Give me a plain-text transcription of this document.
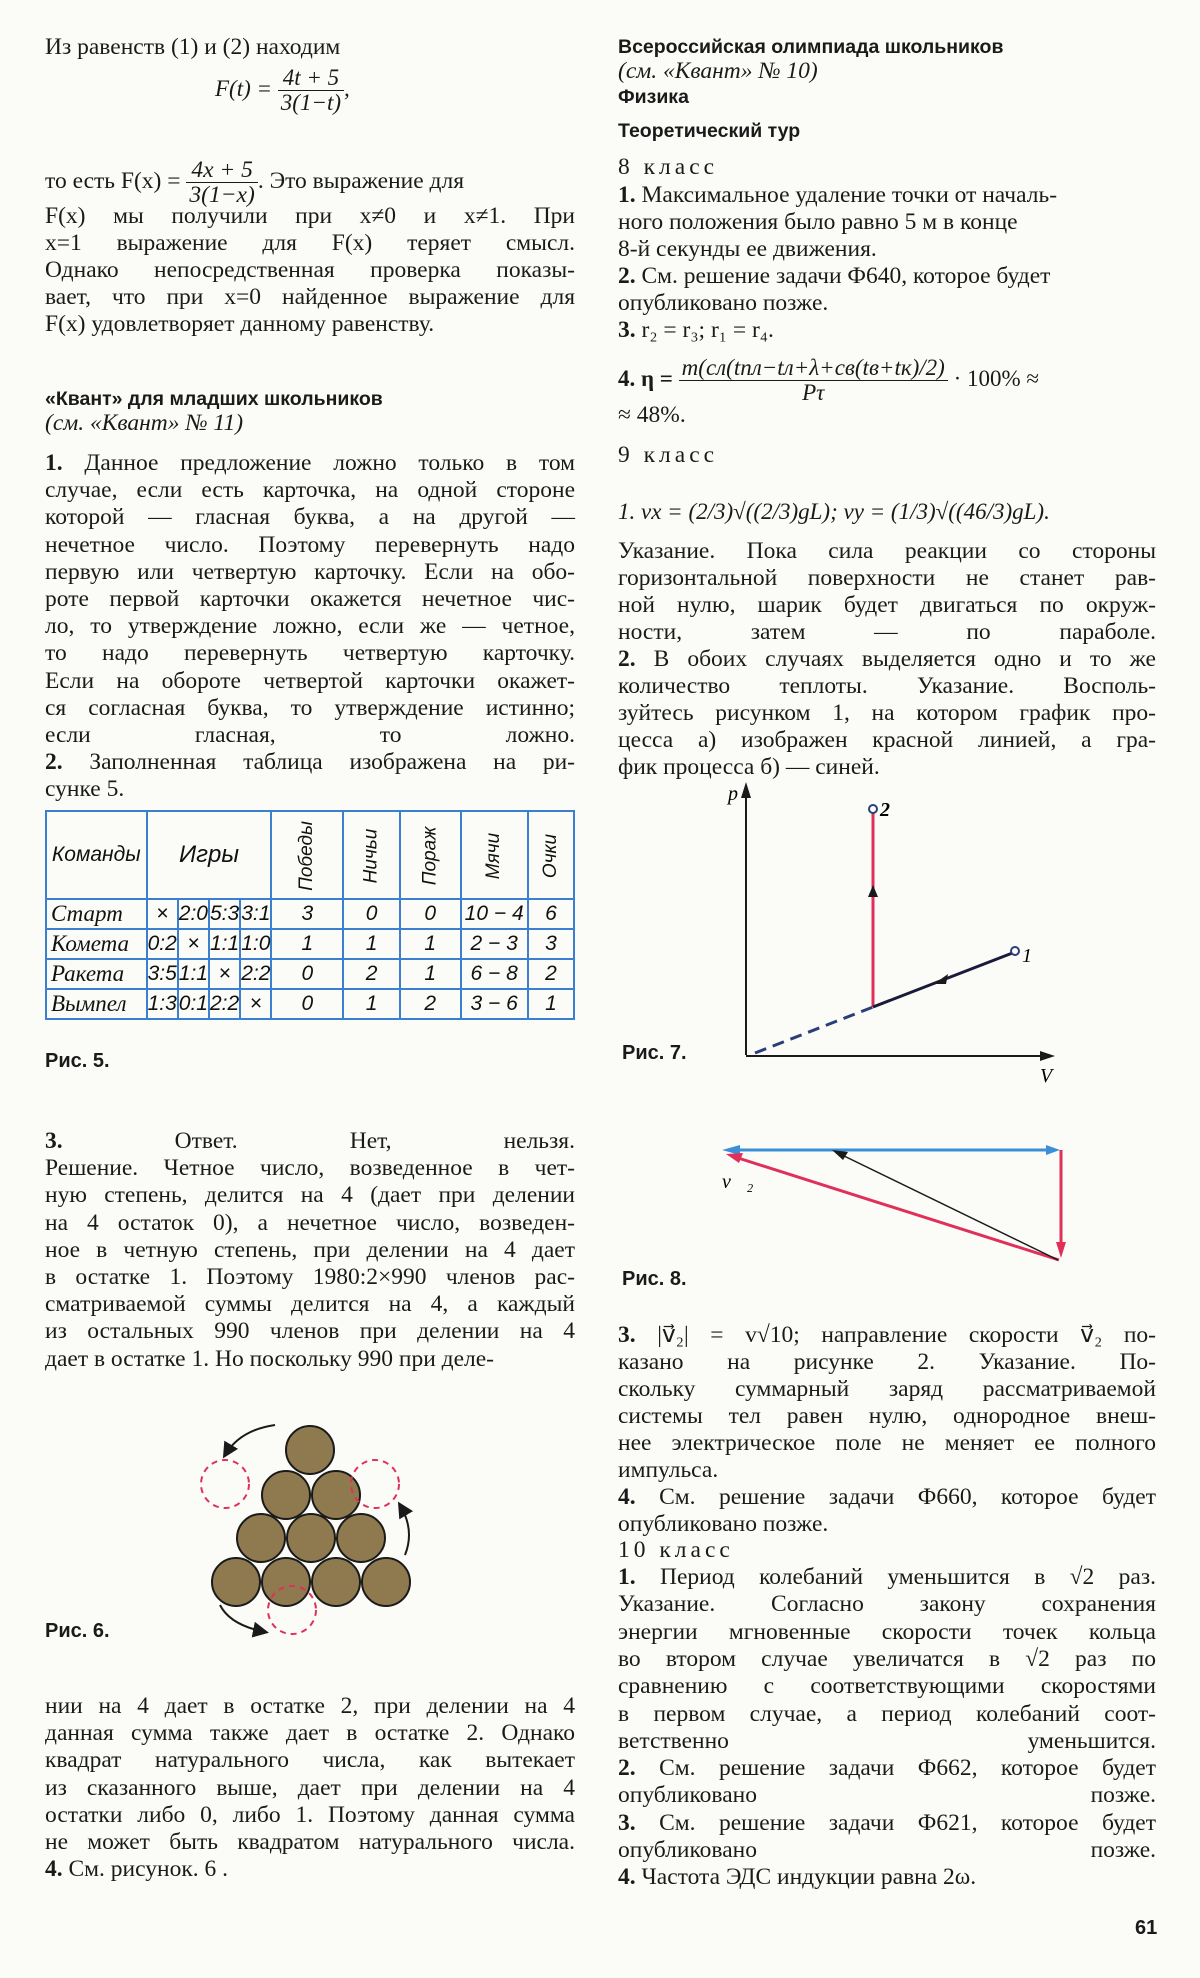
Из равенств (1) и (2) находим
$F(t) = \frac{4t + 5}{3(1-t)}$ ,
то есть $F(x) = \frac{4x + 5}{3(1-x)}$ . Это выражение для
F(x) мы получили при x≠0 и x≠1. При
x=1 выражение для F(x) теряет смысл.
Однако непосредственная проверка показы-
вает, что при x=0 найденное выражение для
F(x) удовлетворяет данному равенству.
«Квант» для младших школьников
(см. «Квант» № 11)
1. Данное предложение ложно только в том
случае, если есть карточка, на одной стороне
которой — гласная буква, а на другой —
нечетное число. Поэтому перевернуть надо
первую или четвертую карточку. Если на обо-
роте первой карточки окажется нечетное чис-
ло, то утверждение ложно, если же — четное,
то надо перевернуть четвертую карточку.
Если на обороте четвертой карточки окажет-
ся согласная буква, то утверждение истинно;
если гласная, то ложно.
2. Заполненная таблица изображена на ри-
сунке 5.
Команды	Игры				Победы	Ничьи	Пораж	Мячи	Очки
Старт	×	2:0	5:3	3:1	3	0	0	10 − 4	6
Комета	0:2	×	1:1	1:0	1	1	1	2 − 3	3
Ракета	3:5	1:1	×	2:2	0	2	1	6 − 8	2
Вымпел	1:3	0:1	2:2	×	0	1	2	3 − 6	1
Рис. 5.
3. Ответ. Нет, нельзя.
Решение. Четное число, возведенное в чет-
ную степень, делится на 4 (дает при делении
на 4 остаток 0), а нечетное число, возведен-
ное в четную степень, при делении на 4 дает
в остатке 1. Поэтому 1980:2×990 членов рас-
сматриваемой суммы делится на 4, а каждый
из остальных 990 членов при делении на 4
дает в остатке 1. Но поскольку 990 при деле-
Рис. 6.
нии на 4 дает в остатке 2, при делении на 4
данная сумма также дает в остатке 2. Однако
квадрат натурального числа, как вытекает
из сказанного выше, дает при делении на 4
остатки либо 0, либо 1. Поэтому данная сумма
не может быть квадратом натурального числа.
4. См. рисунок. 6 .
Всероссийская олимпиада школьников
(см. «Квант» № 10)
Физика
Теоретический тур
8 класс
1. Максимальное удаление точки от началь-
ного положения было равно 5 м в конце
8-й секунды ее движения.
2. См. решение задачи Ф640, которое будет
опубликовано позже.
3. r₂ = r₃; r₁ = r₄.
4. $\eta = \frac{\text{m(cл(tпл−tл+λ+cв(tв+tк)/2)}}{P\tau} \cdot 100\%$ ≈
≈ 48%.
9 класс
1. vx = (2/3)√((2/3)gL); vy = (1/3)√((46/3)gL).
Указание. Пока сила реакции со стороны
горизонтальной поверхности не станет рав-
ной нулю, шарик будет двигаться по окруж-
ности, затем — по параболе.
2. В обоих случаях выделяется одно и то же
количество теплоты. Указание. Восполь-
зуйтесь рисунком 1, на котором график про-
цесса а) изображен красной линией, а гра-
фик процесса б) — синей.
3. |v⃗₂| = v√10; направление скорости v⃗₂ по-
казано на рисунке 2. Указание. По-
скольку суммарный заряд рассматриваемой
системы тел равен нулю, однородное внеш-
нее электрическое поле не меняет ее полного
импульса.
4. См. решение задачи Ф660, которое будет
опубликовано позже.
10 класс
1. Период колебаний уменьшится в √2 раз.
Указание. Согласно закону сохранения
энергии мгновенные скорости точек кольца
во втором случае увеличатся в √2 раз по
сравнению с соответствующими скоростями
в первом случае, а период колебаний соот-
ветственно уменьшится.
2. См. решение задачи Ф662, которое будет
опубликовано позже.
3. См. решение задачи Ф621, которое будет
опубликовано позже.
4. Частота ЭДС индукции равна 2ω.
p
V
2
1
Рис. 7.
v⃗₂
Рис. 8.
61
